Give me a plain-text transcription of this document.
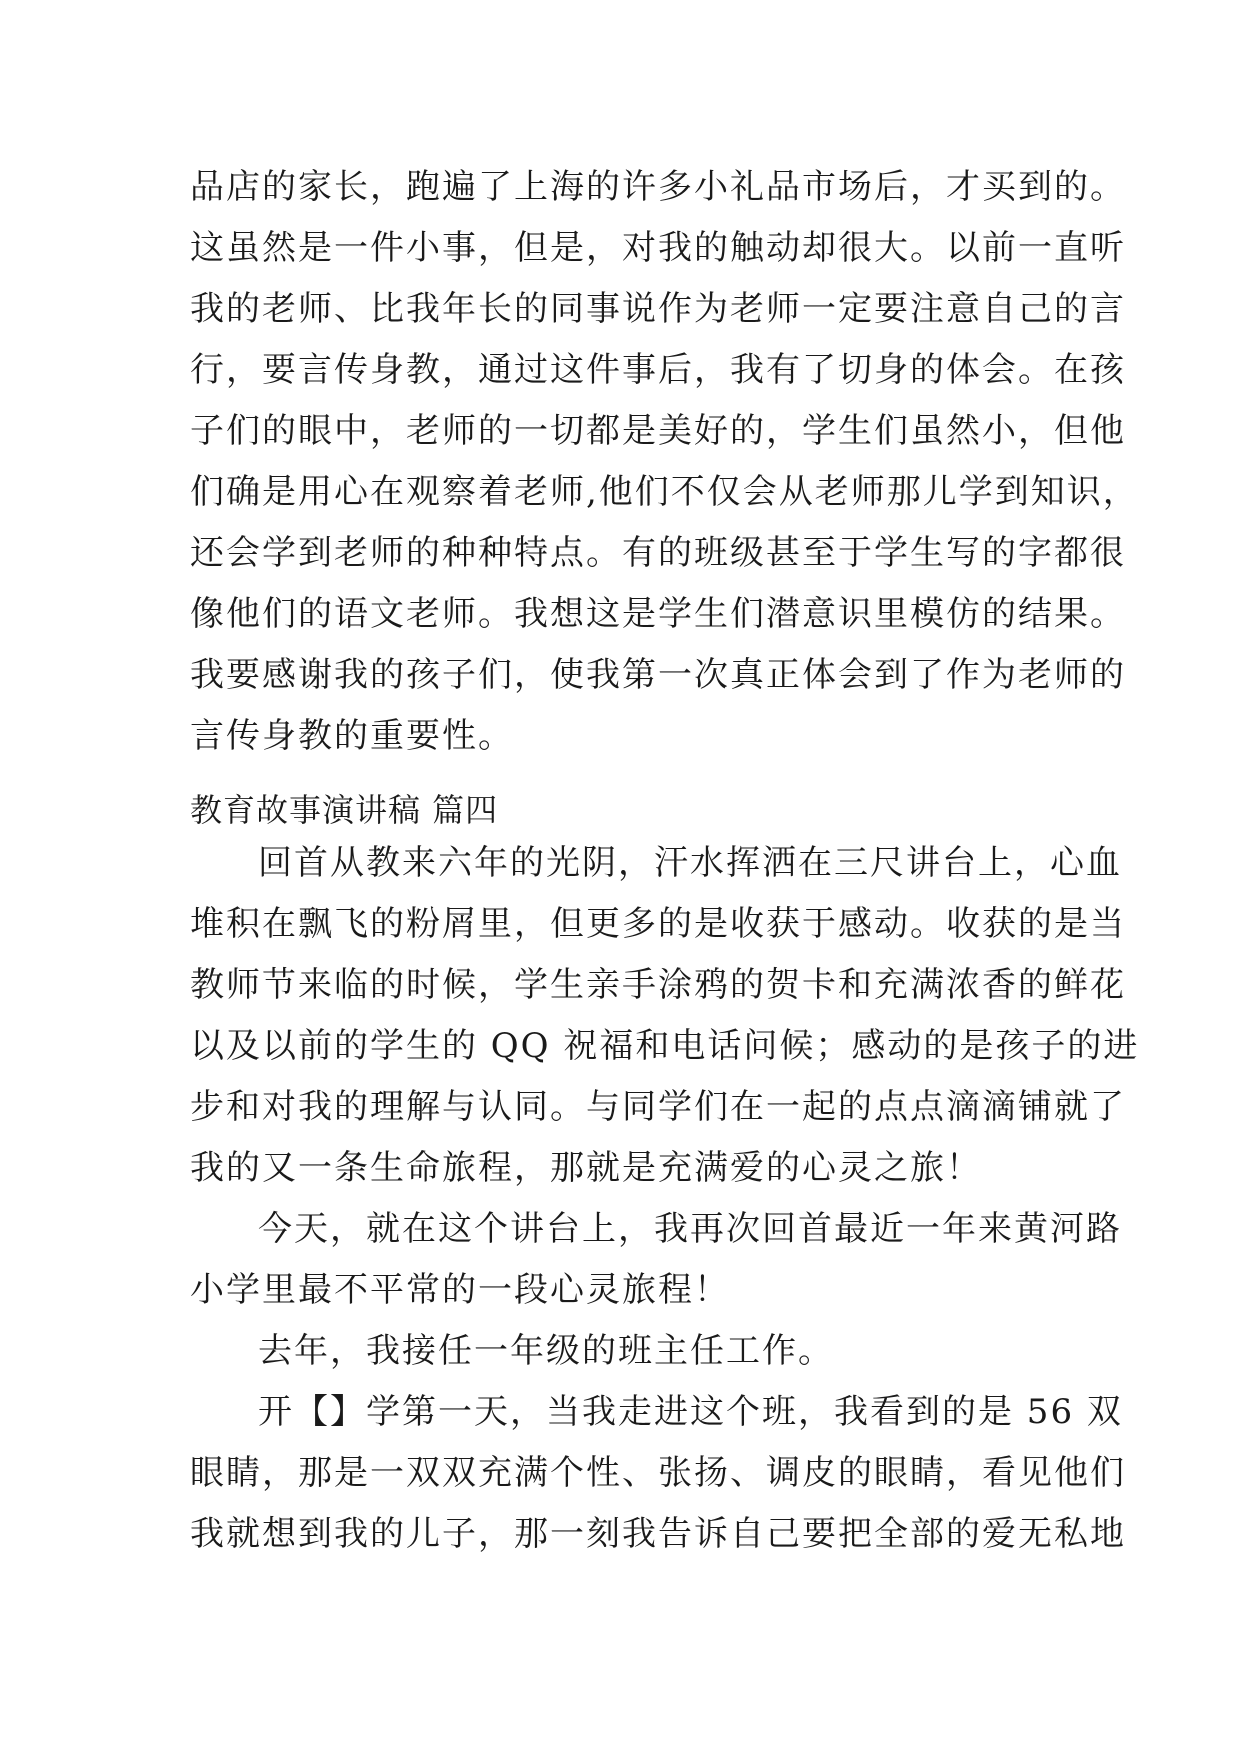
品店的家长，跑遍了上海的许多小礼品市场后，才买到的。
这虽然是一件小事，但是，对我的触动却很大。以前一直听
我的老师、比我年长的同事说作为老师一定要注意自己的言
行，要言传身教，通过这件事后，我有了切身的体会。在孩
子们的眼中，老师的一切都是美好的，学生们虽然小，但他
们确是用心在观察着老师,他们不仅会从老师那儿学到知识，
还会学到老师的种种特点。有的班级甚至于学生写的字都很
像他们的语文老师。我想这是学生们潜意识里模仿的结果。
我要感谢我的孩子们，使我第一次真正体会到了作为老师的
言传身教的重要性。
教育故事演讲稿 篇四
回首从教来六年的光阴，汗水挥洒在三尺讲台上，心血
堆积在飘飞的粉屑里，但更多的是收获于感动。收获的是当
教师节来临的时候，学生亲手涂鸦的贺卡和充满浓香的鲜花
以及以前的学生的 QQ 祝福和电话问候；感动的是孩子的进
步和对我的理解与认同。与同学们在一起的点点滴滴铺就了
我的又一条生命旅程，那就是充满爱的心灵之旅！
今天，就在这个讲台上，我再次回首最近一年来黄河路
小学里最不平常的一段心灵旅程！
去年，我接任一年级的班主任工作。
开【】学第一天，当我走进这个班，我看到的是 56 双
眼睛，那是一双双充满个性、张扬、调皮的眼睛，看见他们
我就想到我的儿子，那一刻我告诉自己要把全部的爱无私地
